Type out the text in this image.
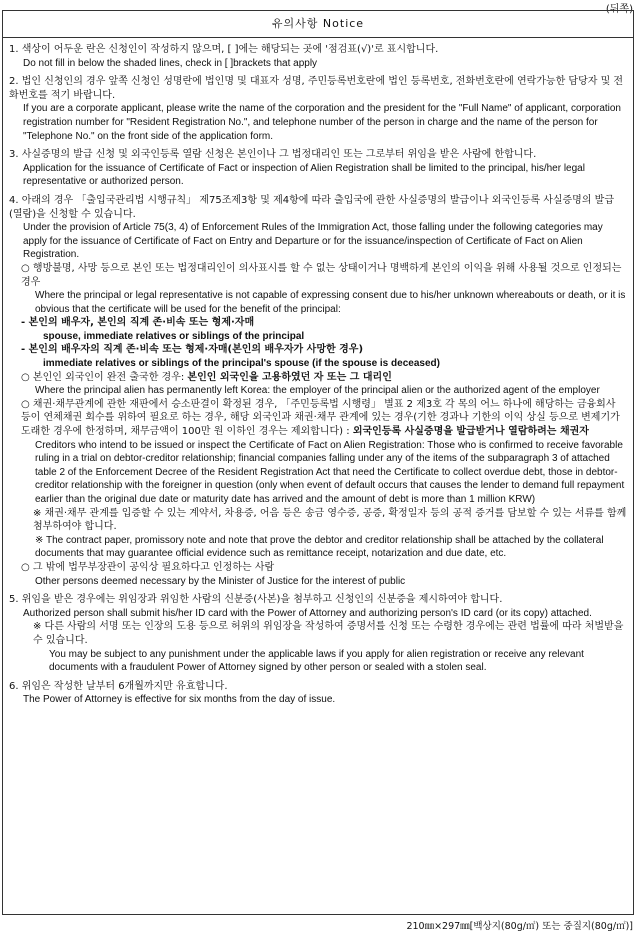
(뒤쪽)
유의사항 Notice
1. 색상이 어두운 란은 신청인이 작성하지 않으며, [ ]에는 해당되는 곳에 '점검표(√)'로 표시합니다.
Do not fill in below the shaded lines, check in [ ]brackets that apply
2. 법인 신청인의 경우 앞쪽 신청인 성명란에 법인명 및 대표자 성명, 주민등록번호란에 법인 등록번호, 전화번호란에 연락가능한 담당자 및 전화번호를 적기 바랍니다.
If you are a corporate applicant, please write the name of the corporation and the president for the "Full Name" of applicant, corporation registration number for "Resident Registration No.", and telephone number of the person in charge and the name of the person for "Telephone No." on the front side of the application form.
3. 사실증명의 발급 신청 및 외국인등록 열람 신청은 본인이나 그 법정대리인 또는 그로부터 위임을 받은 사람에 한합니다.
Application for the issuance of Certificate of Fact or inspection of Alien Registration shall be limited to the principal, his/her legal representative or authorized person.
4. 아래의 경우 「출입국관리법 시행규칙」 제75조제3항 및 제4항에 따라 출입국에 관한 사실증명의 발급이나 외국인등록 사실증명의 발급(열람)을 신청할 수 있습니다.
Under the provision of Article 75(3, 4) of Enforcement Rules of the Immigration Act, those falling under the following categories may apply for the issuance of Certificate of Fact on Entry and Departure or for the issuance/inspection of Certificate of Fact on Alien Registration.
○ 행방불명, 사망 등으로 본인 또는 법정대리인이 의사표시를 할 수 없는 상태이거나 명백하게 본인의 이익을 위해 사용될 것으로 인정되는 경우
Where the principal or legal representative is not capable of expressing consent due to his/her unknown whereabouts or death, or it is obvious that the certificate will be used for the benefit of the principal:
- 본인의 배우자, 본인의 직계 존·비속 또는 형제·자매
spouse, immediate relatives or siblings of the principal
- 본인의 배우자의 직계 존·비속 또는 형제·자매(본인의 배우자가 사망한 경우)
immediate relatives or siblings of the principal's spouse (if the spouse is deceased)
○ 본인인 외국인이 완전 출국한 경우: 본인인 외국인을 고용하였던 자 또는 그 대리인
Where the principal alien has permanently left Korea: the employer of the principal alien or the authorized agent of the employer
○ 채권·채무관계에 관한 재판에서 승소판결이 확정된 경우, 「주민등록법 시행령」 별표 2 제3호 각 목의 어느 하나에 해당하는 금융회사 등이 연체채권 회수를 위하여 필요로 하는 경우, 해당 외국인과 채권·채무 관계에 있는 경우(기한 경과나 기한의 이익 상실 등으로 변제기가 도래한 경우에 한정하며, 채무금액이 100만 원 이하인 경우는 제외합니다) : 외국인등록 사실증명을 발급받거나 열람하려는 채권자
Creditors who intend to be issued or inspect the Certificate of Fact on Alien Registration: Those who is confirmed to receive favorable ruling in a trial on debtor-creditor relationship; financial companies falling under any of the items of the subparagraph 3 of attached table 2 of the Enforcement Decree of the Resident Registration Act that need the Certificate to collect overdue debt, those in debtor-creditor relationship with the foreigner in question (only when event of default occurs that causes the lender to demand full repayment earlier than the original due date or maturity date has arrived and the amount of debt is more than 1 million KRW)
※ 채권·채무 관계를 입증할 수 있는 계약서, 차용증, 어음 등은 송금 영수증, 공증, 확정일자 등의 공적 증거를 담보할 수 있는 서류를 함께 첨부하여야 합니다.
※ The contract paper, promissory note and note that prove the debtor and creditor relationship shall be attached by the collateral documents that may guarantee official evidence such as remittance receipt, notarization and due date, etc.
○ 그 밖에 법무부장관이 공익상 필요하다고 인정하는 사람
Other persons deemed necessary by the Minister of Justice for the interest of public
5. 위임을 받은 경우에는 위임장과 위임한 사람의 신분증(사본)을 첨부하고 신청인의 신분증을 제시하여야 합니다.
Authorized person shall submit his/her ID card with the Power of Attorney and authorizing person's ID card (or its copy) attached.
※ 다른 사람의 서명 또는 인장의 도용 등으로 허위의 위임장을 작성하여 증명서를 신청 또는 수령한 경우에는 관련 법률에 따라 처벌받을 수 있습니다.
You may be subject to any punishment under the applicable laws if you apply for alien registration or receive any relevant documents with a fraudulent Power of Attorney signed by other person or sealed with a stolen seal.
6. 위임은 작성한 날부터 6개월까지만 유효합니다.
The Power of Attorney is effective for six months from the day of issue.
210㎜×297㎜[백상지(80g/㎡) 또는 중질지(80g/㎡)]
